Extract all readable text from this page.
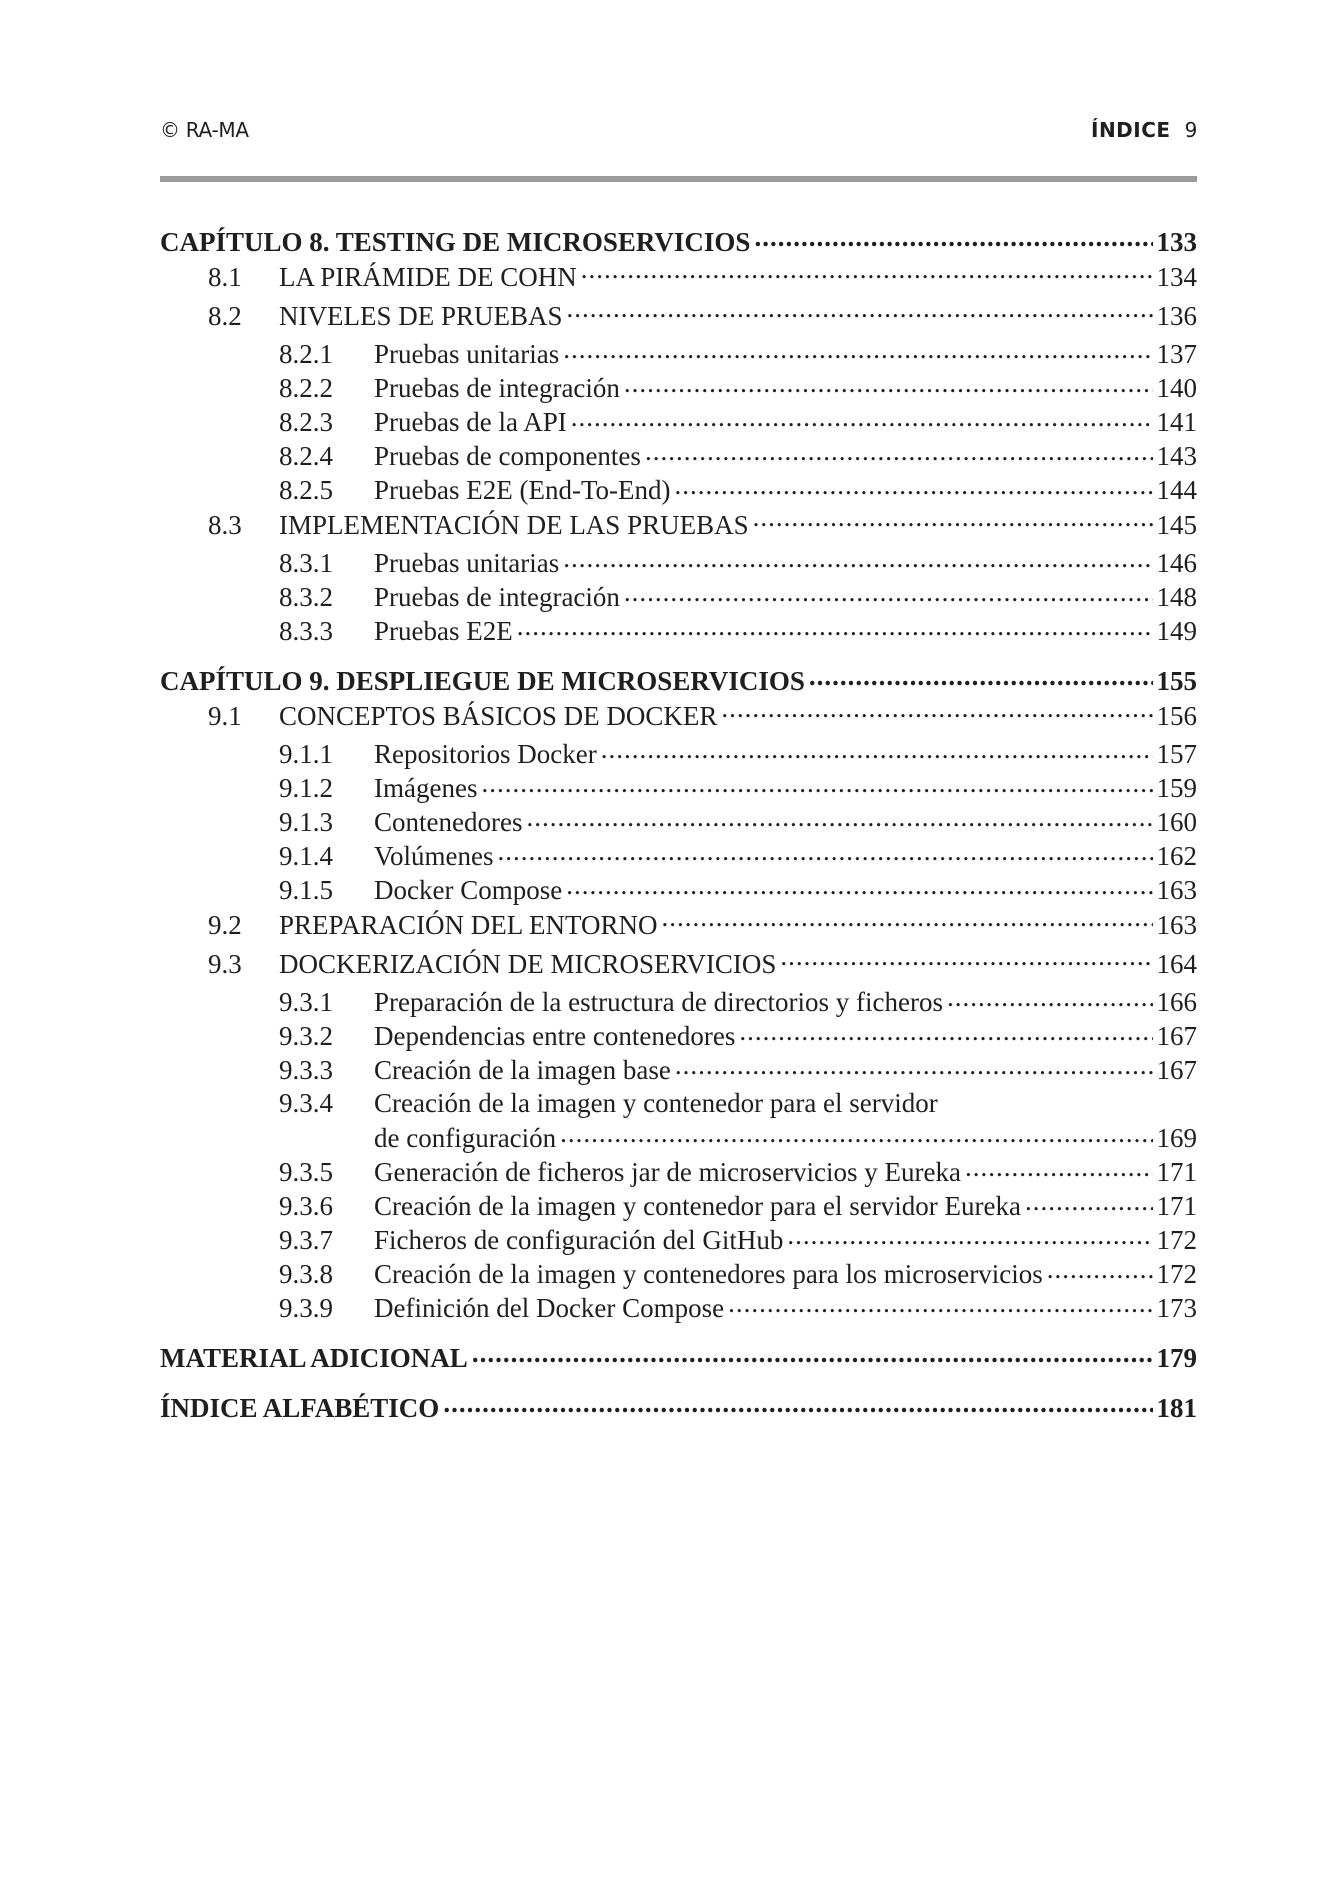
© RA-MA	ÍNDICE 9
CAPÍTULO 8. TESTING DE MICROSERVICIOS .....	133
8.1	LA PIRÁMIDE DE COHN .....	134
8.2	NIVELES DE PRUEBAS .....	136
8.2.1	Pruebas unitarias .....	137
8.2.2	Pruebas de integración .....	140
8.2.3	Pruebas de la API .....	141
8.2.4	Pruebas de componentes .....	143
8.2.5	Pruebas E2E (End-To-End) .....	144
8.3	IMPLEMENTACIÓN DE LAS PRUEBAS .....	145
8.3.1	Pruebas unitarias .....	146
8.3.2	Pruebas de integración .....	148
8.3.3	Pruebas E2E .....	149
CAPÍTULO 9. DESPLIEGUE DE MICROSERVICIOS .....	155
9.1	CONCEPTOS BÁSICOS DE DOCKER .....	156
9.1.1	Repositorios Docker .....	157
9.1.2	Imágenes .....	159
9.1.3	Contenedores .....	160
9.1.4	Volúmenes .....	162
9.1.5	Docker Compose .....	163
9.2	PREPARACIÓN DEL ENTORNO .....	163
9.3	DOCKERIZACIÓN DE MICROSERVICIOS .....	164
9.3.1	Preparación de la estructura de directorios y ficheros .....	166
9.3.2	Dependencias entre contenedores .....	167
9.3.3	Creación de la imagen base .....	167
9.3.4	Creación de la imagen y contenedor para el servidor
de configuración .....	169
9.3.5	Generación de ficheros jar de microservicios y Eureka .....	171
9.3.6	Creación de la imagen y contenedor para el servidor Eureka .....	171
9.3.7	Ficheros de configuración del GitHub .....	172
9.3.8	Creación de la imagen y contenedores para los microservicios .....	172
9.3.9	Definición del Docker Compose .....	173
MATERIAL ADICIONAL .....	179
ÍNDICE ALFABÉTICO .....	181
